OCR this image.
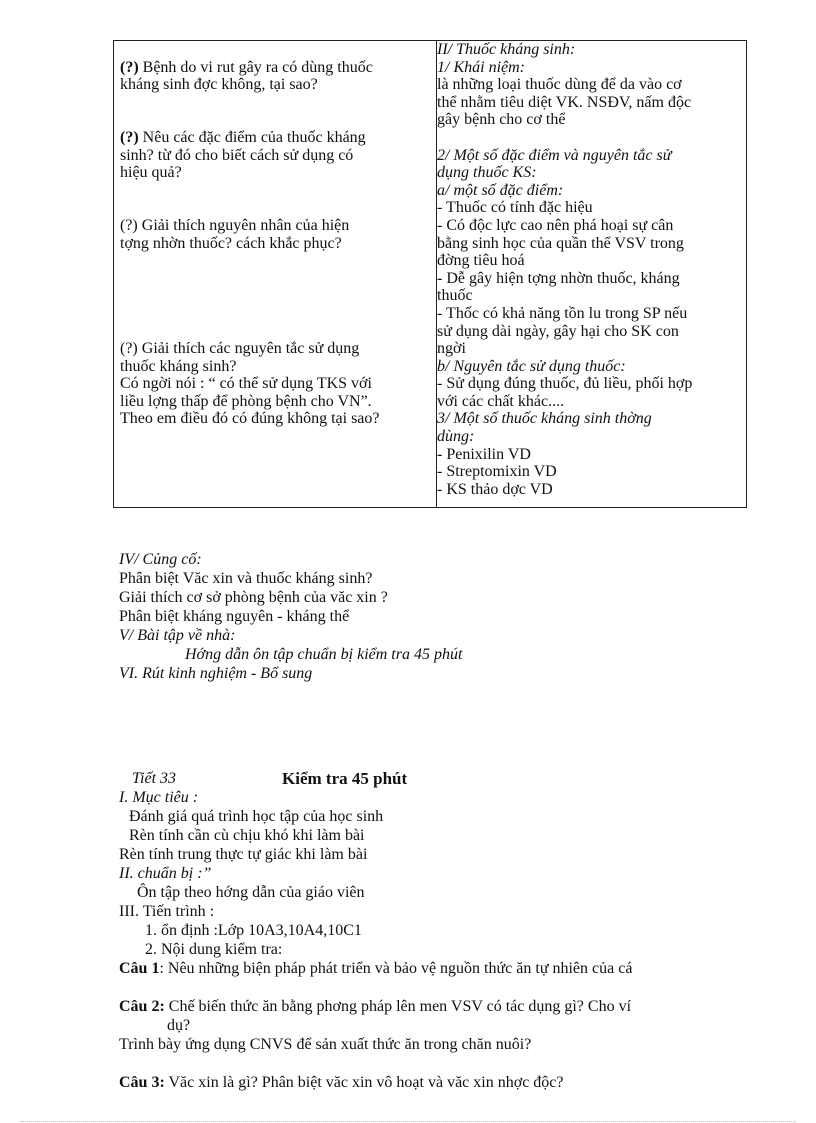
(?) Bệnh do vi rut gây ra có dùng thuốc
kháng sinh đợc không, tại sao?
(?) Nêu các đặc điểm của thuốc kháng
sinh? từ đó cho biết cách sử dụng có
hiệu quả?
(?) Giải thích nguyên nhân của hiện
tợng nhờn thuốc? cách khắc phục?
(?) Giải thích các nguyên tắc sử dụng
thuốc kháng sinh?
Có ngời nói : “ có thể sử dụng TKS với
liều lợng thấp để phòng bệnh cho VN”.
Theo em điều đó có đúng không tại sao?
II/ Thuốc kháng sinh:
1/ Khái niệm:
là những loại thuốc dùng để da vào cơ
thể nhằm tiêu diệt VK. NSĐV, nấm độc
gây bệnh cho cơ thể
2/ Một số đặc điểm và nguyên tắc sử
dụng thuốc KS:
a/ một số đặc điểm:
- Thuốc có tính đặc hiệu
- Có độc lực cao nên phá hoại sự cân
bằng sinh học của quần thể VSV trong
đờng tiêu hoá
- Dễ gây hiện tợng nhờn thuốc, kháng
thuốc
- Thốc có khả năng tồn lu trong SP nếu
sử dụng dài ngày, gây hại cho SK con
ngời
b/ Nguyên tắc sử dụng thuốc:
- Sử dụng đúng thuốc, đủ liều, phối hợp
với các chất khác....
3/ Một số thuốc kháng sinh thờng
dùng:
- Penixilin VD
- Streptomixin VD
- KS thảo dợc VD
IV/ Củng cố:
Phân biệt Văc xin và thuốc kháng sinh?
Giải thích cơ sở phòng bệnh của văc xin ?
Phân biệt kháng nguyên - kháng thể
V/ Bài tập về nhà:
Hớng dẫn ôn tập chuẩn bị kiểm tra 45 phút
VI. Rút kinh nghiệm - Bổ sung
Tiết 33	Kiểm tra 45 phút
I. Mục tiêu :
Đánh giá quá trình học tập của học sinh
Rèn tính cần cù chịu khó khi làm bài
Rèn tính trung thực tự giác khi làm bài
II. chuẩn bị :”
Ôn tập theo hớng dẫn của giáo viên
III. Tiến trình :
1. ổn định :Lớp 10A3,10A4,10C1
2. Nội dung kiểm tra:
Câu 1: Nêu những biện pháp phát triển và bảo vệ nguồn thức ăn tự nhiên của cá
Câu 2: Chế biến thức ăn bằng phơng pháp lên men VSV có tác dụng gì? Cho ví
dụ?
Trình bày ứng dụng CNVS để sản xuất thức ăn trong chăn nuôi?
Câu 3: Văc xin là gì? Phân biệt văc xin vô hoạt và văc xin nhợc độc?
